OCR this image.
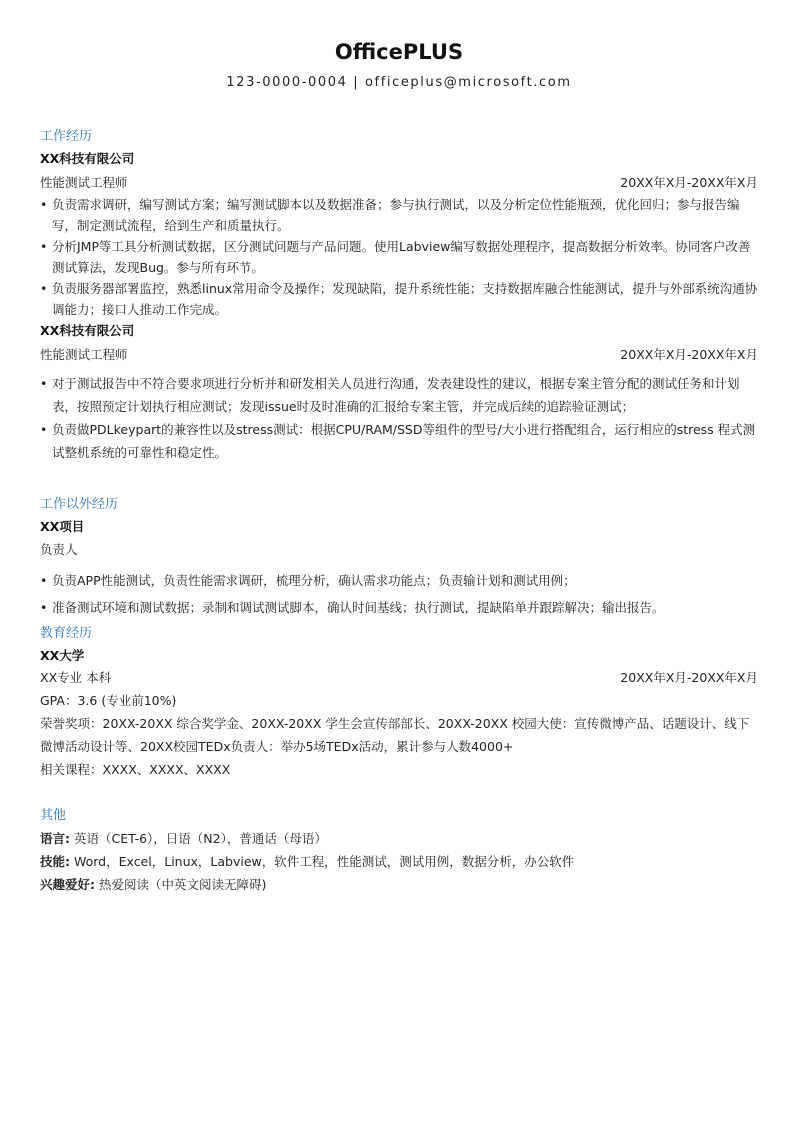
OfficePLUS
123-0000-0004 | officeplus@microsoft.com
工作经历
XX科技有限公司
性能测试工程师	20XX年X月-20XX年X月
• 负责需求调研，编写测试方案；编写测试脚本以及数据准备；参与执行测试，以及分析定位性能瓶颈，优化回归；参与报告编写，制定测试流程，给到生产和质量执行。
• 分析JMP等工具分析测试数据，区分测试问题与产品问题。使用Labview编写数据处理程序，提高数据分析效率。协同客户改善测试算法，发现Bug。参与所有环节。
• 负责服务器部署监控，熟悉linux常用命令及操作；发现缺陷，提升系统性能；支持数据库融合性能测试，提升与外部系统沟通协调能力；接口人推动工作完成。
XX科技有限公司
性能测试工程师	20XX年X月-20XX年X月
• 对于测试报告中不符合要求项进行分析并和研发相关人员进行沟通，发表建设性的建议，根据专案主管分配的测试任务和计划表，按照预定计划执行相应测试；发现issue时及时准确的汇报给专案主管，并完成后续的追踪验证测试；
• 负责做PDLkeypart的兼容性以及stress测试：根据CPU/RAM/SSD等组件的型号/大小进行搭配组合，运行相应的stress 程式测试整机系统的可靠性和稳定性。
工作以外经历
XX项目
负责人
• 负责APP性能测试，负责性能需求调研，梳理分析，确认需求功能点；负责输计划和测试用例；
• 准备测试环境和测试数据；录制和调试测试脚本，确认时间基线；执行测试，提缺陷单并跟踪解决；输出报告。
教育经历
XX大学
XX专业 本科	20XX年X月-20XX年X月
GPA：3.6 (专业前10%)
荣誉奖项：20XX-20XX 综合奖学金、20XX-20XX 学生会宣传部部长、20XX-20XX 校园大使：宣传微博产品、话题设计、线下微博活动设计等、20XX校园TEDx负责人：举办5场TEDx活动，累计参与人数4000+
相关课程：XXXX、XXXX、XXXX
其他
语言: 英语（CET-6），日语（N2），普通话（母语）
技能: Word，Excel，Linux，Labview，软件工程，性能测试，测试用例，数据分析，办公软件
兴趣爱好: 热爱阅读（中英文阅读无障碍)
